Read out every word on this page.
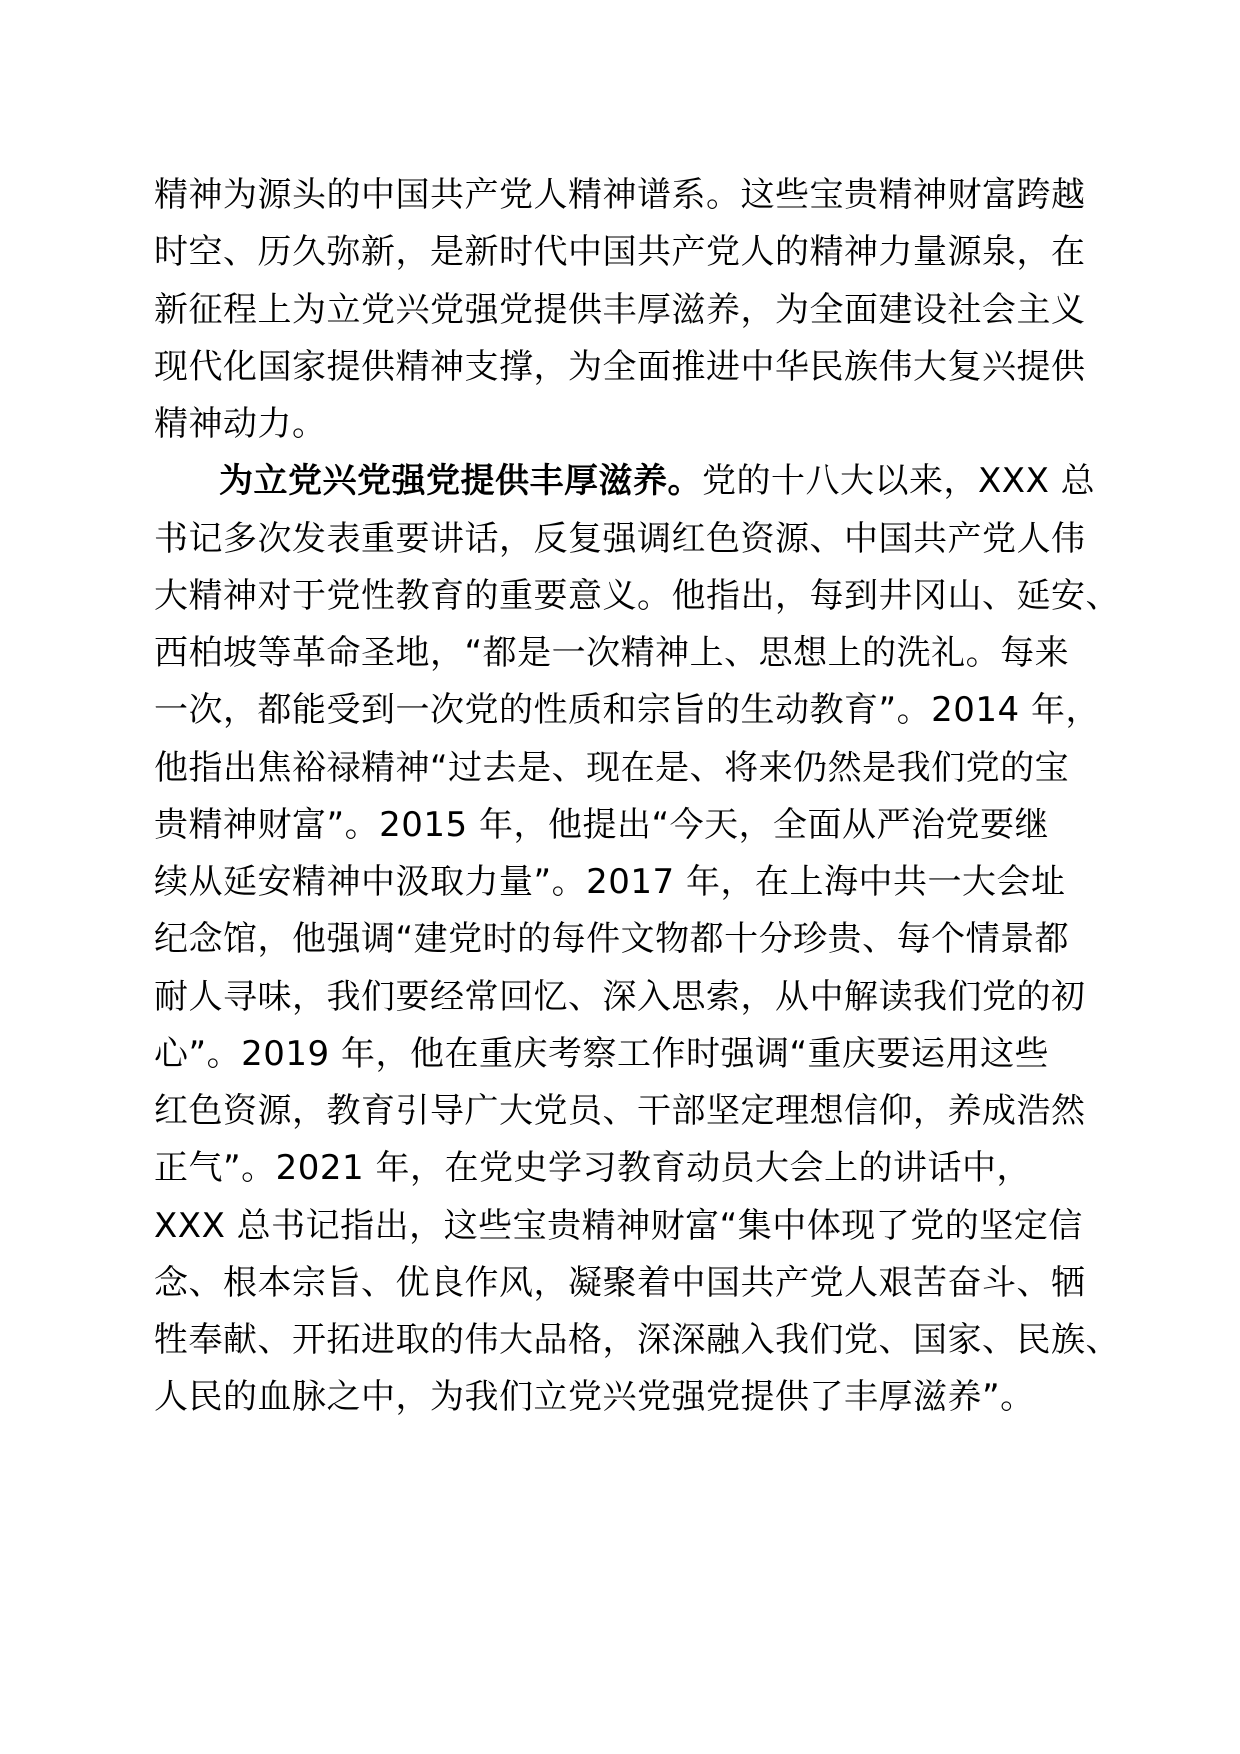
精神为源头的中国共产党人精神谱系。这些宝贵精神财富跨越
时空、历久弥新，是新时代中国共产党人的精神力量源泉，在
新征程上为立党兴党强党提供丰厚滋养，为全面建设社会主义
现代化国家提供精神支撑，为全面推进中华民族伟大复兴提供
精神动力。
为立党兴党强党提供丰厚滋养。党的十八大以来，XXX 总
书记多次发表重要讲话，反复强调红色资源、中国共产党人伟
大精神对于党性教育的重要意义。他指出，每到井冈山、延安、
西柏坡等革命圣地，“都是一次精神上、思想上的洗礼。每来
一次，都能受到一次党的性质和宗旨的生动教育”。2014 年，
他指出焦裕禄精神“过去是、现在是、将来仍然是我们党的宝
贵精神财富”。2015 年，他提出“今天，全面从严治党要继
续从延安精神中汲取力量”。2017 年，在上海中共一大会址
纪念馆，他强调“建党时的每件文物都十分珍贵、每个情景都
耐人寻味，我们要经常回忆、深入思索，从中解读我们党的初
心”。2019 年，他在重庆考察工作时强调“重庆要运用这些
红色资源，教育引导广大党员、干部坚定理想信仰，养成浩然
正气”。2021 年，在党史学习教育动员大会上的讲话中，
XXX 总书记指出，这些宝贵精神财富“集中体现了党的坚定信
念、根本宗旨、优良作风，凝聚着中国共产党人艰苦奋斗、牺
牲奉献、开拓进取的伟大品格，深深融入我们党、国家、民族、
人民的血脉之中，为我们立党兴党强党提供了丰厚滋养”。
